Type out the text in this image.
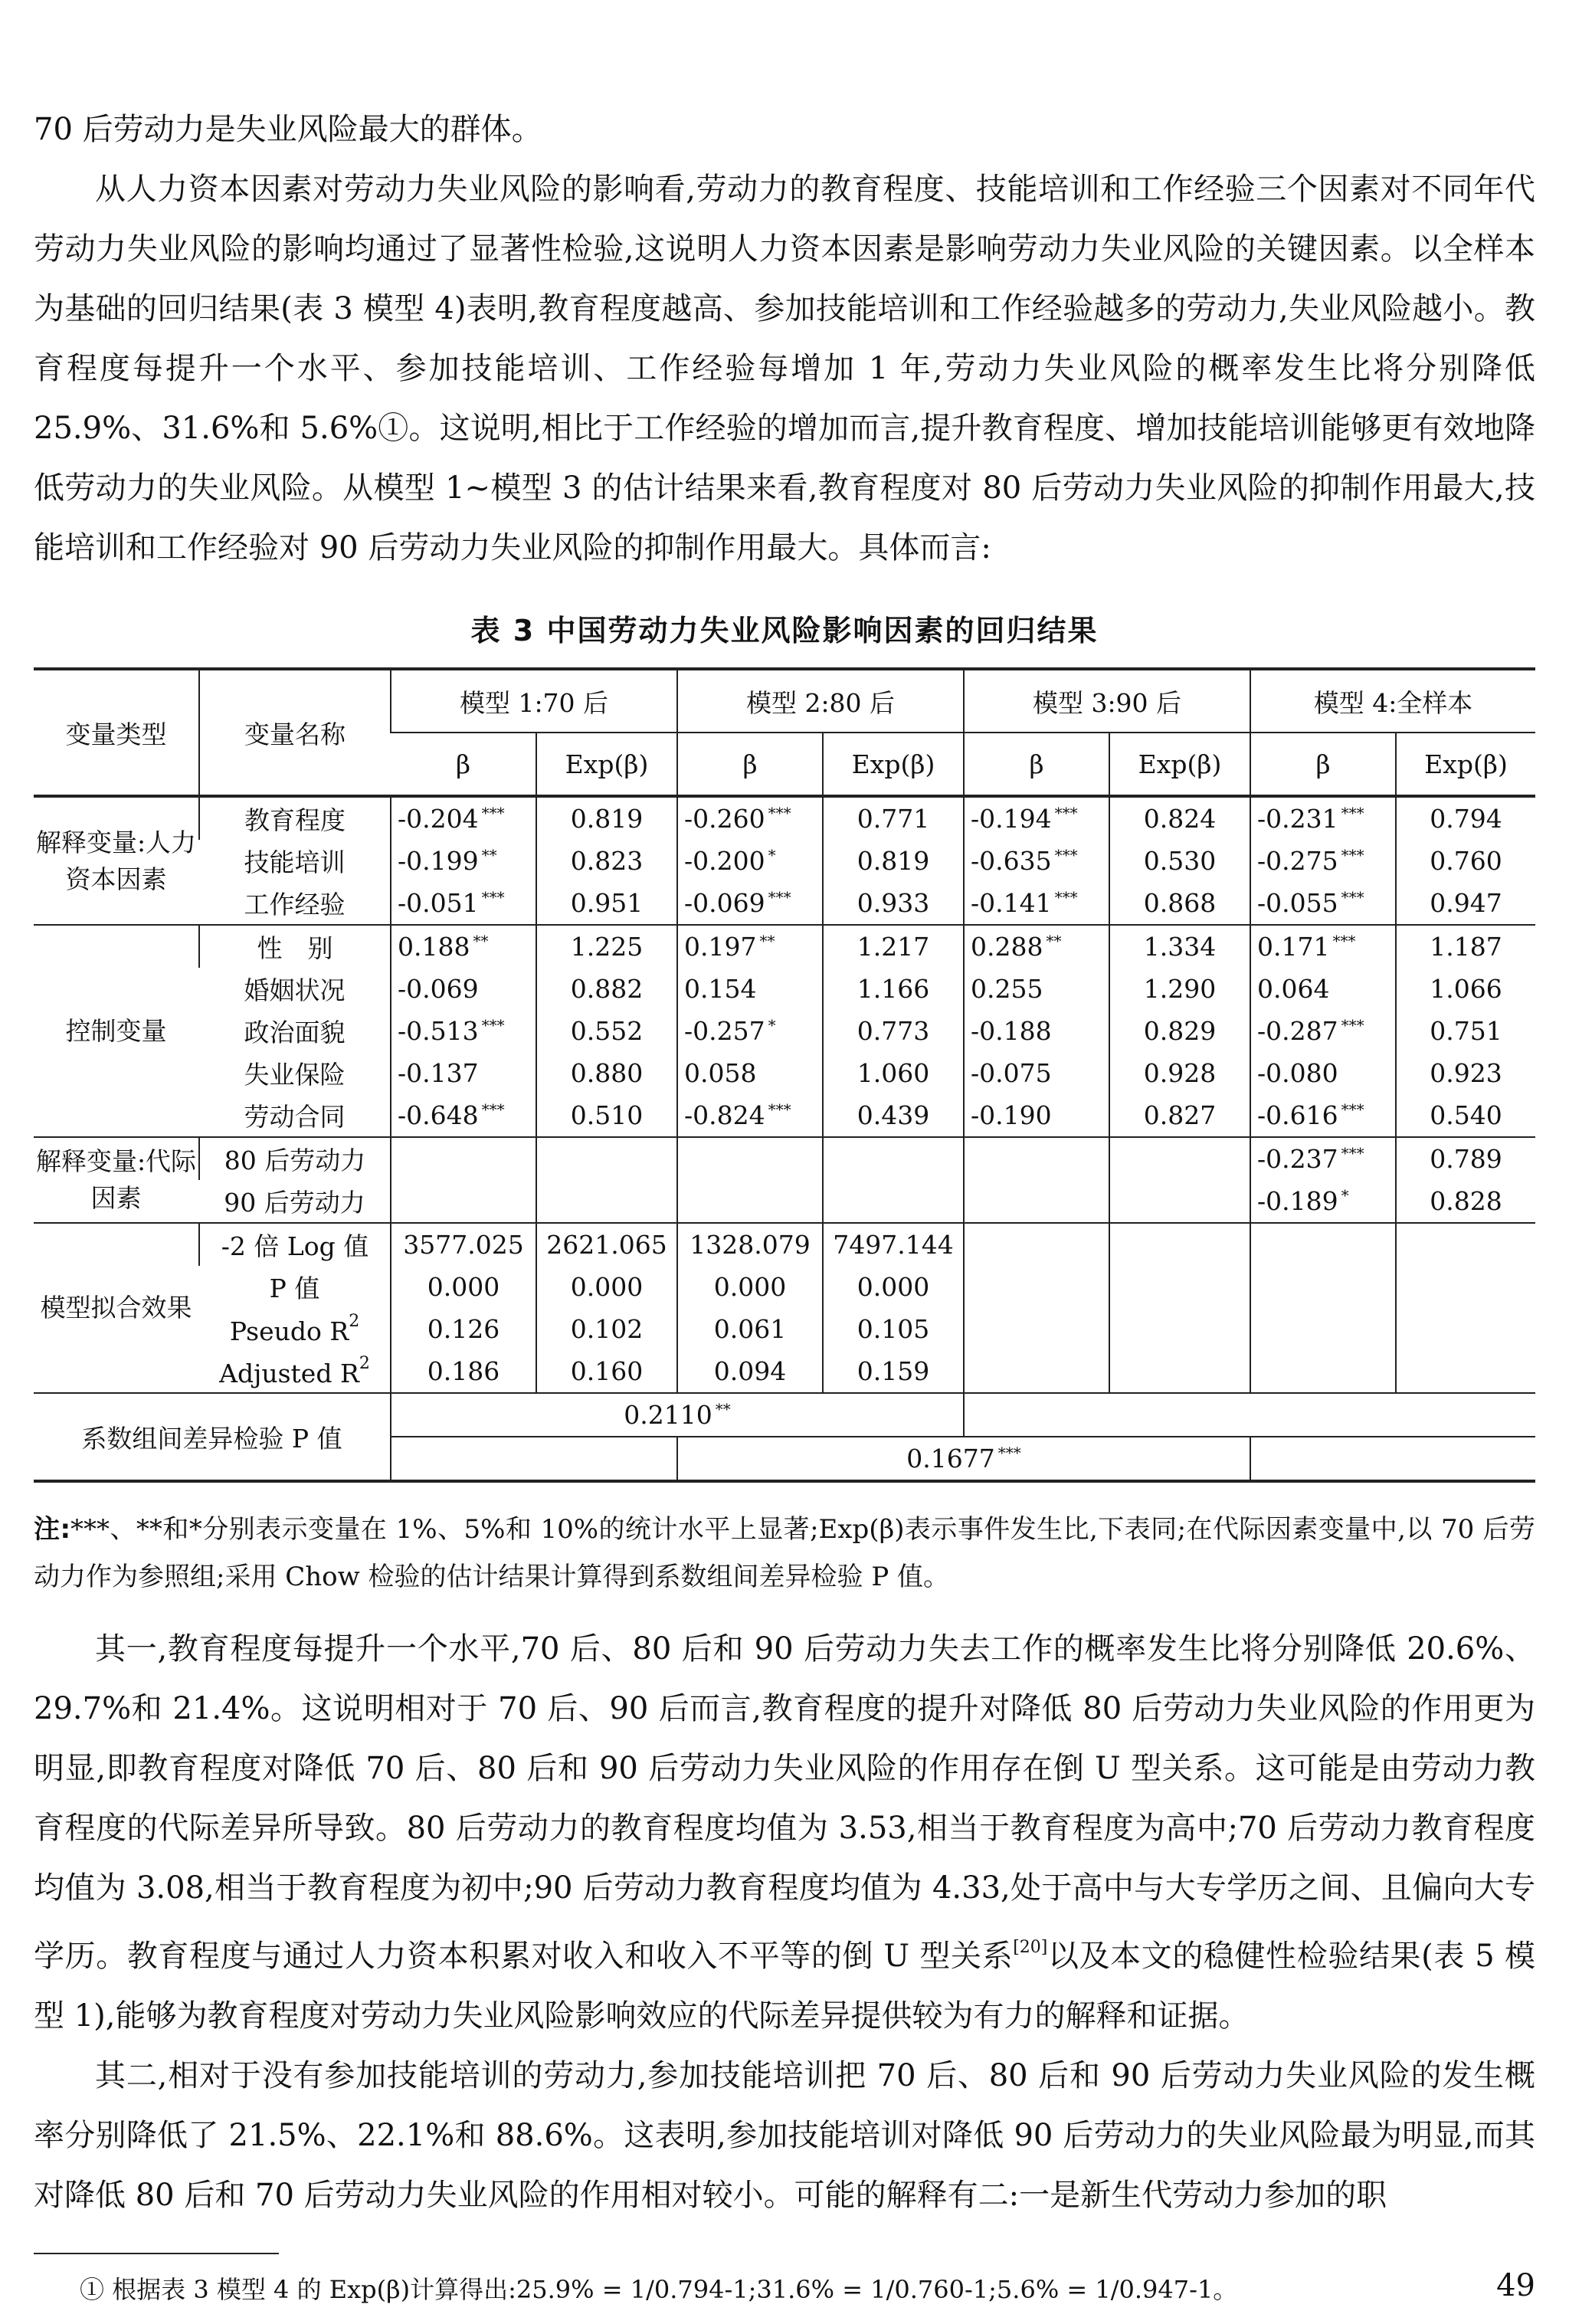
70 后劳动力是失业风险最大的群体。

从人力资本因素对劳动力失业风险的影响看,劳动力的教育程度、技能培训和工作经验三个因素对不同年代劳动力失业风险的影响均通过了显著性检验,这说明人力资本因素是影响劳动力失业风险的关键因素。以全样本为基础的回归结果(表 3 模型 4)表明,教育程度越高、参加技能培训和工作经验越多的劳动力,失业风险越小。教育程度每提升一个水平、参加技能培训、工作经验每增加 1 年,劳动力失业风险的概率发生比将分别降低 25.9%、31.6%和 5.6%①。这说明,相比于工作经验的增加而言,提升教育程度、增加技能培训能够更有效地降低劳动力的失业风险。从模型 1~模型 3 的估计结果来看,教育程度对 80 后劳动力失业风险的抑制作用最大,技能培训和工作经验对 90 后劳动力失业风险的抑制作用最大。具体而言:

表 3 中国劳动力失业风险影响因素的回归结果
变量类型	变量名称	模型 1:70 后		模型 2:80 后		模型 3:90 后		模型 4:全样本	
		β	Exp(β)	β	Exp(β)	β	Exp(β)	β	Exp(β)
解释变量:人力资本因素	教育程度	-0.204 ***	0.819	-0.260 ***	0.771	-0.194 ***	0.824	-0.231 ***	0.794
	技能培训	-0.199 **	0.823	-0.200 *	0.819	-0.635 ***	0.530	-0.275 ***	0.760
	工作经验	-0.051 ***	0.951	-0.069 ***	0.933	-0.141 ***	0.868	-0.055 ***	0.947
控制变量	性　别	0.188 **	1.225	0.197 **	1.217	0.288 **	1.334	0.171 ***	1.187
	婚姻状况	-0.069	0.882	0.154	1.166	0.255	1.290	0.064	1.066
	政治面貌	-0.513 ***	0.552	-0.257 *	0.773	-0.188	0.829	-0.287 ***	0.751
	失业保险	-0.137	0.880	0.058	1.060	-0.075	0.928	-0.080	0.923
	劳动合同	-0.648 ***	0.510	-0.824 ***	0.439	-0.190	0.827	-0.616 ***	0.540
解释变量:代际因素	80 后劳动力							-0.237 ***	0.789
	90 后劳动力							-0.189 *	0.828
模型拟合效果	-2 倍 Log 值	3577.025	2621.065	1328.079	7497.144				
	P 值	0.000	0.000	0.000	0.000				
	Pseudo $R^2$	0.126	0.102	0.061	0.105				
	Adjusted $R^2$	0.186	0.160	0.094	0.159				
系数组间差异检验 P 值		0.2110 **	
				0.1677 ***	

注:***、**和*分别表示变量在 1%、5%和 10%的统计水平上显著;Exp(β)表示事件发生比,下表同;在代际因素变量中,以 70 后劳动力作为参照组;采用 Chow 检验的估计结果计算得到系数组间差异检验 P 值。

其一,教育程度每提升一个水平,70 后、80 后和 90 后劳动力失去工作的概率发生比将分别降低 20.6%、29.7%和 21.4%。这说明相对于 70 后、90 后而言,教育程度的提升对降低 80 后劳动力失业风险的作用更为明显,即教育程度对降低 70 后、80 后和 90 后劳动力失业风险的作用存在倒 U 型关系。这可能是由劳动力教育程度的代际差异所导致。80 后劳动力的教育程度均值为 3.53,相当于教育程度为高中;70 后劳动力教育程度均值为 3.08,相当于教育程度为初中;90 后劳动力教育程度均值为 4.33,处于高中与大专学历之间、且偏向大专学历。教育程度与通过人力资本积累对收入和收入不平等的倒 U 型关系[20]以及本文的稳健性检验结果(表 5 模型 1),能够为教育程度对劳动力失业风险影响效应的代际差异提供较为有力的解释和证据。

其二,相对于没有参加技能培训的劳动力,参加技能培训把 70 后、80 后和 90 后劳动力失业风险的发生概率分别降低了 21.5%、22.1%和 88.6%。这表明,参加技能培训对降低 90 后劳动力的失业风险最为明显,而其对降低 80 后和 70 后劳动力失业风险的作用相对较小。可能的解释有二:一是新生代劳动力参加的职

① 根据表 3 模型 4 的 Exp(β)计算得出:25.9% = 1/0.794-1;31.6% = 1/0.760-1;5.6% = 1/0.947-1。	49
